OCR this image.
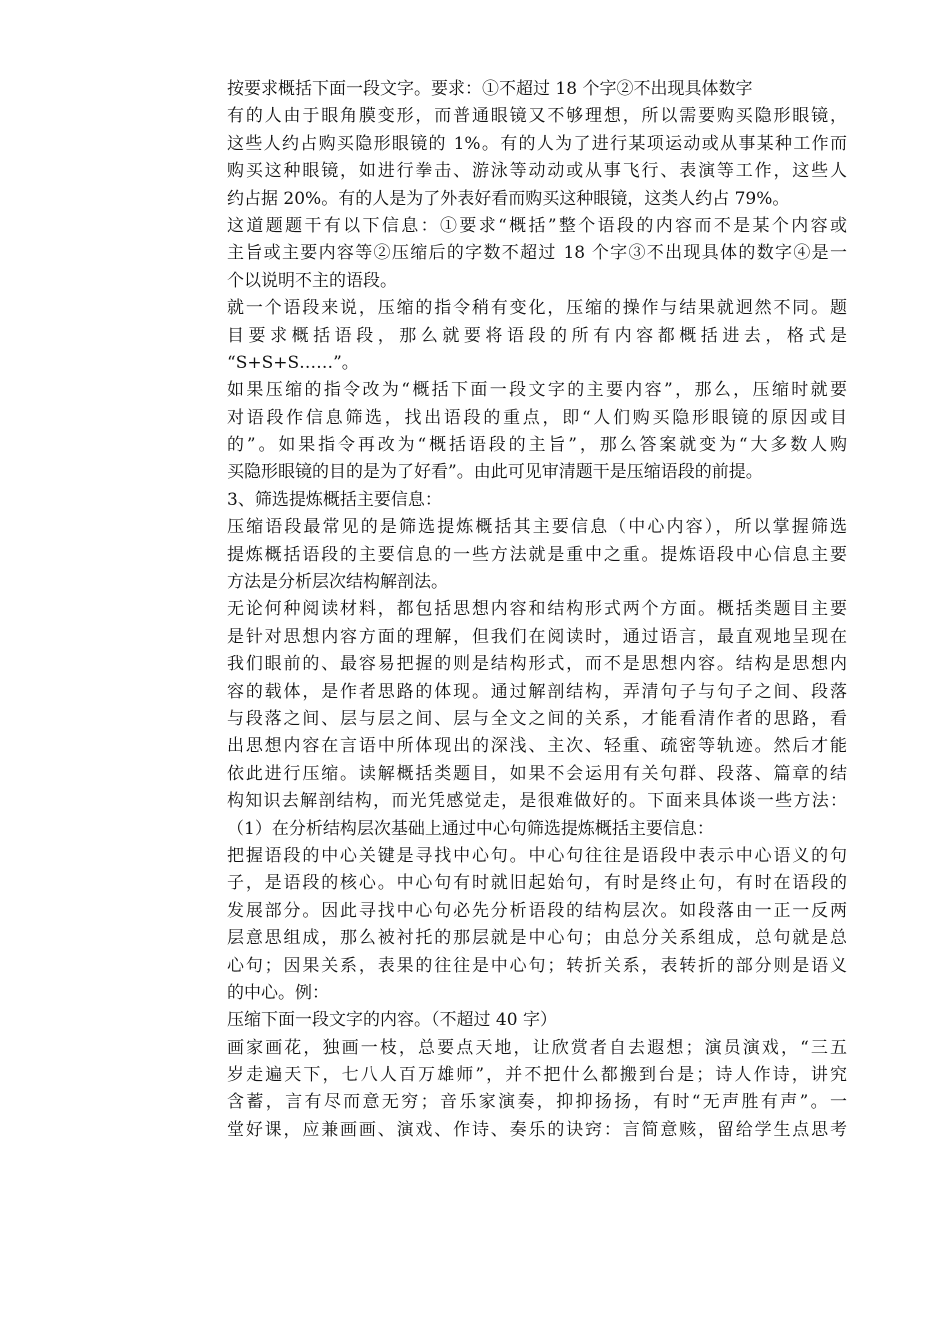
按要求概括下面一段文字。要求：①不超过 18 个字②不出现具体数字
有的人由于眼角膜变形，而普通眼镜又不够理想，所以需要购买隐形眼镜，
这些人约占购买隐形眼镜的 1%。有的人为了进行某项运动或从事某种工作而
购买这种眼镜，如进行拳击、游泳等动动或从事飞行、表演等工作，这些人
约占据 20%。有的人是为了外表好看而购买这种眼镜，这类人约占 79%。
这道题题干有以下信息：①要求“概括”整个语段的内容而不是某个内容或
主旨或主要内容等②压缩后的字数不超过 18 个字③不出现具体的数字④是一
个以说明不主的语段。
就一个语段来说，压缩的指令稍有变化，压缩的操作与结果就迥然不同。题
目要求概括语段，那么就要将语段的所有内容都概括进去，格式是
“S+S+S……”。
如果压缩的指令改为“概括下面一段文字的主要内容”，那么，压缩时就要
对语段作信息筛选，找出语段的重点，即“人们购买隐形眼镜的原因或目
的”。如果指令再改为“概括语段的主旨”，那么答案就变为“大多数人购
买隐形眼镜的目的是为了好看”。由此可见审清题干是压缩语段的前提。
3、筛选提炼概括主要信息：
压缩语段最常见的是筛选提炼概括其主要信息（中心内容），所以掌握筛选
提炼概括语段的主要信息的一些方法就是重中之重。提炼语段中心信息主要
方法是分析层次结构解剖法。
无论何种阅读材料，都包括思想内容和结构形式两个方面。概括类题目主要
是针对思想内容方面的理解，但我们在阅读时，通过语言，最直观地呈现在
我们眼前的、最容易把握的则是结构形式，而不是思想内容。结构是思想内
容的载体，是作者思路的体现。通过解剖结构，弄清句子与句子之间、段落
与段落之间、层与层之间、层与全文之间的关系，才能看清作者的思路，看
出思想内容在言语中所体现出的深浅、主次、轻重、疏密等轨迹。然后才能
依此进行压缩。读解概括类题目，如果不会运用有关句群、段落、篇章的结
构知识去解剖结构，而光凭感觉走，是很难做好的。下面来具体谈一些方法：
（1）在分析结构层次基础上通过中心句筛选提炼概括主要信息：
把握语段的中心关键是寻找中心句。中心句往往是语段中表示中心语义的句
子，是语段的核心。中心句有时就旧起始句，有时是终止句，有时在语段的
发展部分。因此寻找中心句必先分析语段的结构层次。如段落由一正一反两
层意思组成，那么被衬托的那层就是中心句；由总分关系组成，总句就是总
心句；因果关系，表果的往往是中心句；转折关系，表转折的部分则是语义
的中心。例：
压缩下面一段文字的内容。（不超过 40 字）
画家画花，独画一枝，总要点天地，让欣赏者自去遐想；演员演戏，“三五
岁走遍天下，七八人百万雄师”，并不把什么都搬到台是；诗人作诗，讲究
含蓄，言有尽而意无穷；音乐家演奏，抑抑扬扬，有时“无声胜有声”。一
堂好课，应兼画画、演戏、作诗、奏乐的诀窍：言简意赅，留给学生点思考
